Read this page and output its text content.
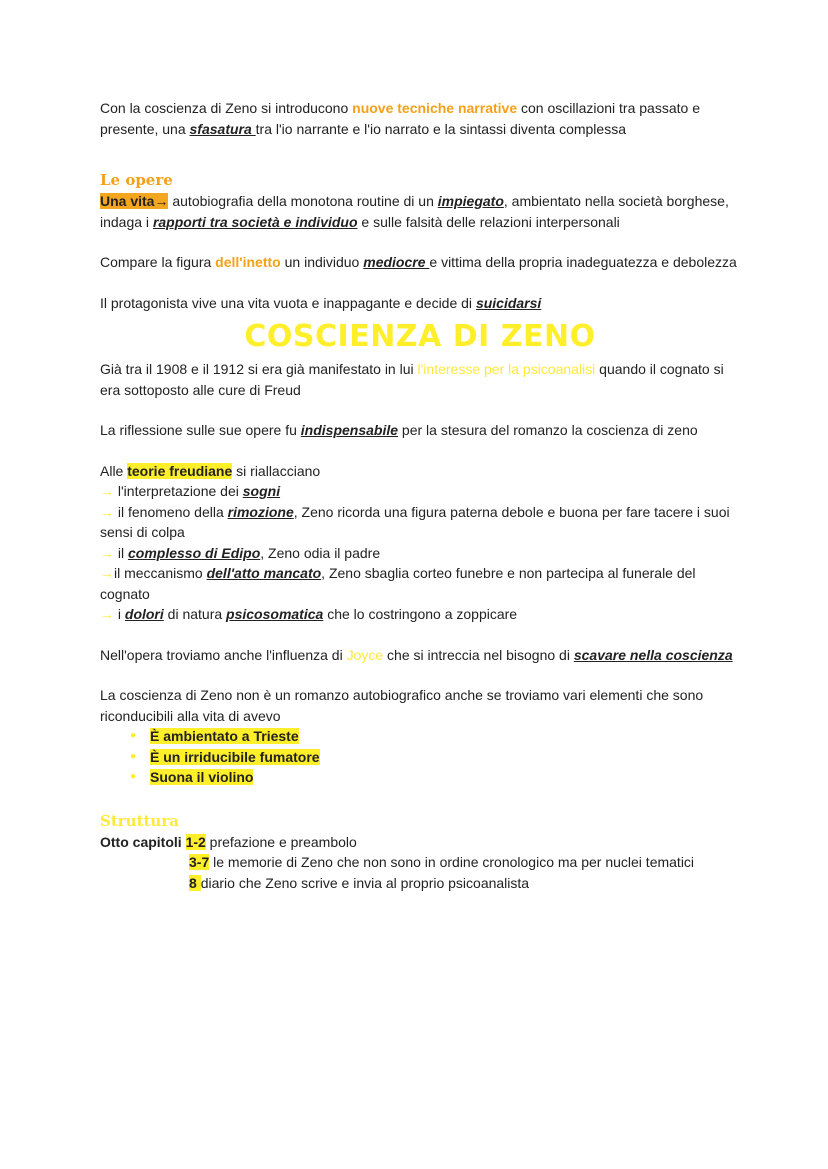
Con la coscienza di Zeno si introducono nuove tecniche narrative con oscillazioni tra passato e presente, una sfasatura tra l'io narrante e l'io narrato e la sintassi diventa complessa

Le opere

Una vita→ autobiografia della monotona routine di un impiegato, ambientato nella società borghese, indaga i rapporti tra società e individuo e sulle falsità delle relazioni interpersonali

Compare la figura dell'inetto un individuo mediocre e vittima della propria inadeguatezza e debolezza

Il protagonista vive una vita vuota e inappagante e decide di suicidarsi

COSCIENZA DI ZENO

Già tra il 1908 e il 1912 si era già manifestato in lui l'interesse per la psicoanalisi quando il cognato si era sottoposto alle cure di Freud

La riflessione sulle sue opere fu indispensabile per la stesura del romanzo la coscienza di zeno

Alle teorie freudiane si riallacciano

→ l'interpretazione dei sogni

→ il fenomeno della rimozione, Zeno ricorda una figura paterna debole e buona per fare tacere i suoi sensi di colpa

→ il complesso di Edipo, Zeno odia il padre

→il meccanismo dell'atto mancato, Zeno sbaglia corteo funebre e non partecipa al funerale del cognato

→ i dolori di natura psicosomatica che lo costringono a zoppicare

Nell'opera troviamo anche l'influenza di Joyce che si intreccia nel bisogno di scavare nella coscienza

La coscienza di Zeno non è un romanzo autobiografico anche se troviamo vari elementi che sono riconducibili alla vita di avevo

● È ambientato a Trieste
● È un irriducibile fumatore
● Suona il violino
Struttura

Otto capitoli 1-2 prefazione e preambolo

3-7 le memorie di Zeno che non sono in ordine cronologico ma per nuclei tematici

8 diario che Zeno scrive e invia al proprio psicoanalista
